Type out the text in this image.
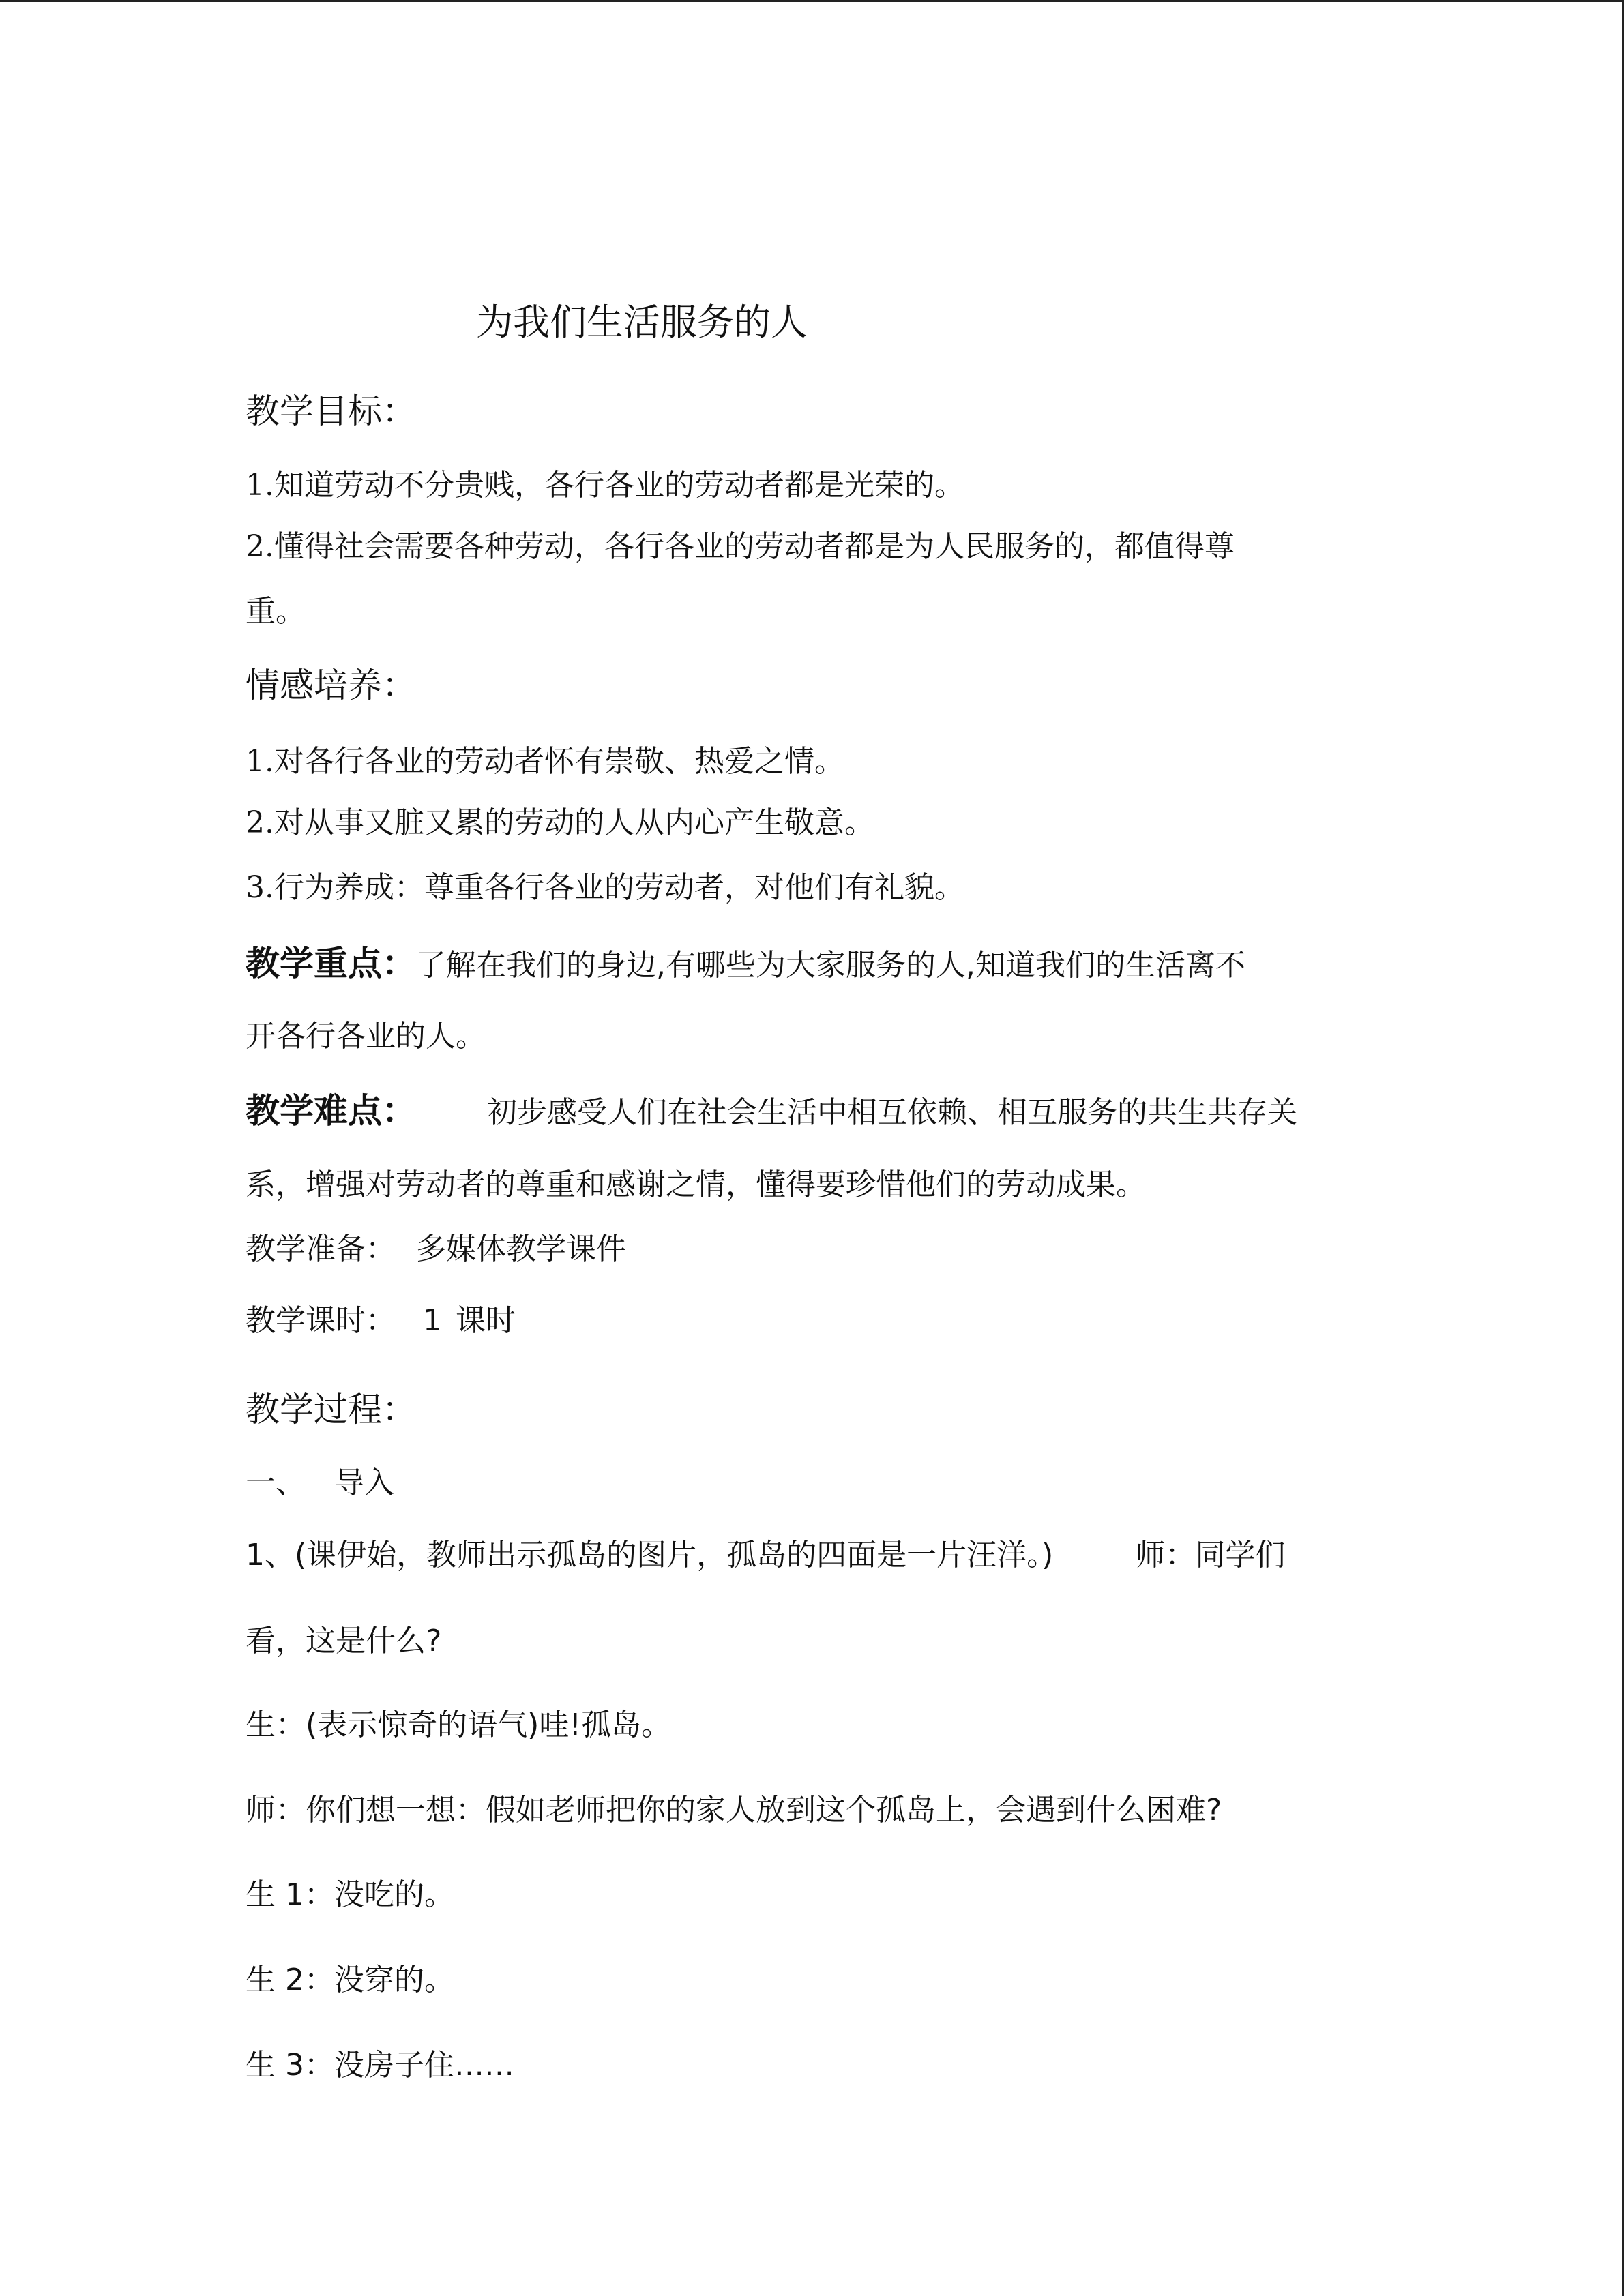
为我们生活服务的人
教学目标：
1.知道劳动不分贵贱，各行各业的劳动者都是光荣的。
2.懂得社会需要各种劳动，各行各业的劳动者都是为人民服务的，都值得尊
重。
情感培养：
1.对各行各业的劳动者怀有崇敬、热爱之情。
2.对从事又脏又累的劳动的人从内心产生敬意。
3.行为养成：尊重各行各业的劳动者，对他们有礼貌。
教学重点：了解在我们的身边,有哪些为大家服务的人,知道我们的生活离不
开各行各业的人。
教学难点： 初步感受人们在社会生活中相互依赖、相互服务的共生共存关
系，增强对劳动者的尊重和感谢之情，懂得要珍惜他们的劳动成果。
教学准备： 多媒体教学课件
教学课时： 1 课时
教学过程：
一、 导入
1、(课伊始，教师出示孤岛的图片，孤岛的四面是一片汪洋。)	师：同学们
看，这是什么?
生：(表示惊奇的语气)哇!孤岛。
师：你们想一想：假如老师把你的家人放到这个孤岛上，会遇到什么困难?
生 1：没吃的。
生 2：没穿的。
生 3：没房子住……
